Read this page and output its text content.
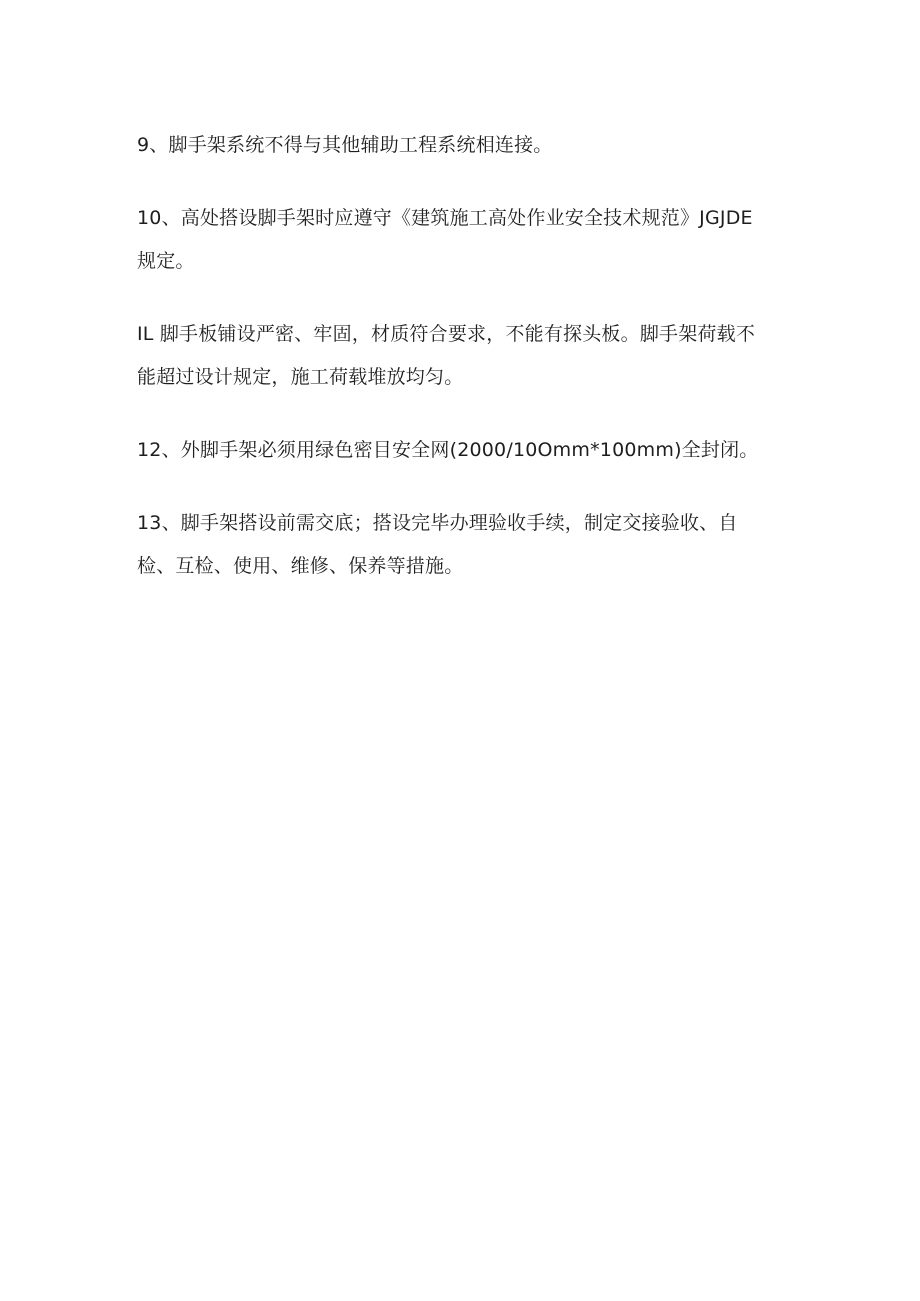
9、脚手架系统不得与其他辅助工程系统相连接。

10、高处搭设脚手架时应遵守《建筑施工高处作业安全技术规范》JGJDE
规定。

IL 脚手板铺设严密、牢固，材质符合要求，不能有探头板。脚手架荷载不
能超过设计规定，施工荷载堆放均匀。

12、外脚手架必须用绿色密目安全网(2000/10Omm*100mm)全封闭。

13、脚手架搭设前需交底；搭设完毕办理验收手续，制定交接验收、自
检、互检、使用、维修、保养等措施。
